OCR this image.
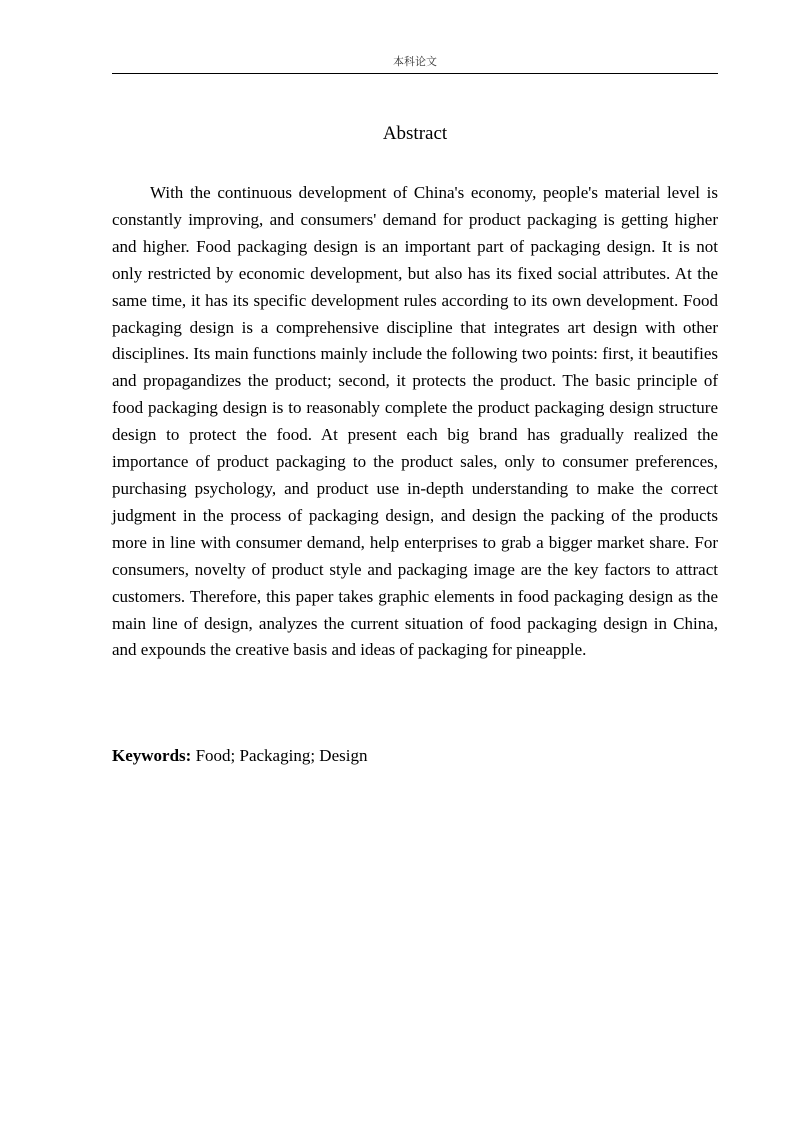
本科论文
Abstract

With the continuous development of China's economy, people's material level is constantly improving, and consumers' demand for product packaging is getting higher and higher. Food packaging design is an important part of packaging design. It is not only restricted by economic development, but also has its fixed social attributes. At the same time, it has its specific development rules according to its own development. Food packaging design is a comprehensive discipline that integrates art design with other disciplines. Its main functions mainly include the following two points: first, it beautifies and propagandizes the product; second, it protects the product. The basic principle of food packaging design is to reasonably complete the product packaging design structure design to protect the food. At present each big brand has gradually realized the importance of product packaging to the product sales, only to consumer preferences, purchasing psychology, and product use in-depth understanding to make the correct judgment in the process of packaging design, and design the packing of the products more in line with consumer demand, help enterprises to grab a bigger market share. For consumers, novelty of product style and packaging image are the key factors to attract customers. Therefore, this paper takes graphic elements in food packaging design as the main line of design, analyzes the current situation of food packaging design in China, and expounds the creative basis and ideas of packaging for pineapple.

Keywords: Food; Packaging; Design
